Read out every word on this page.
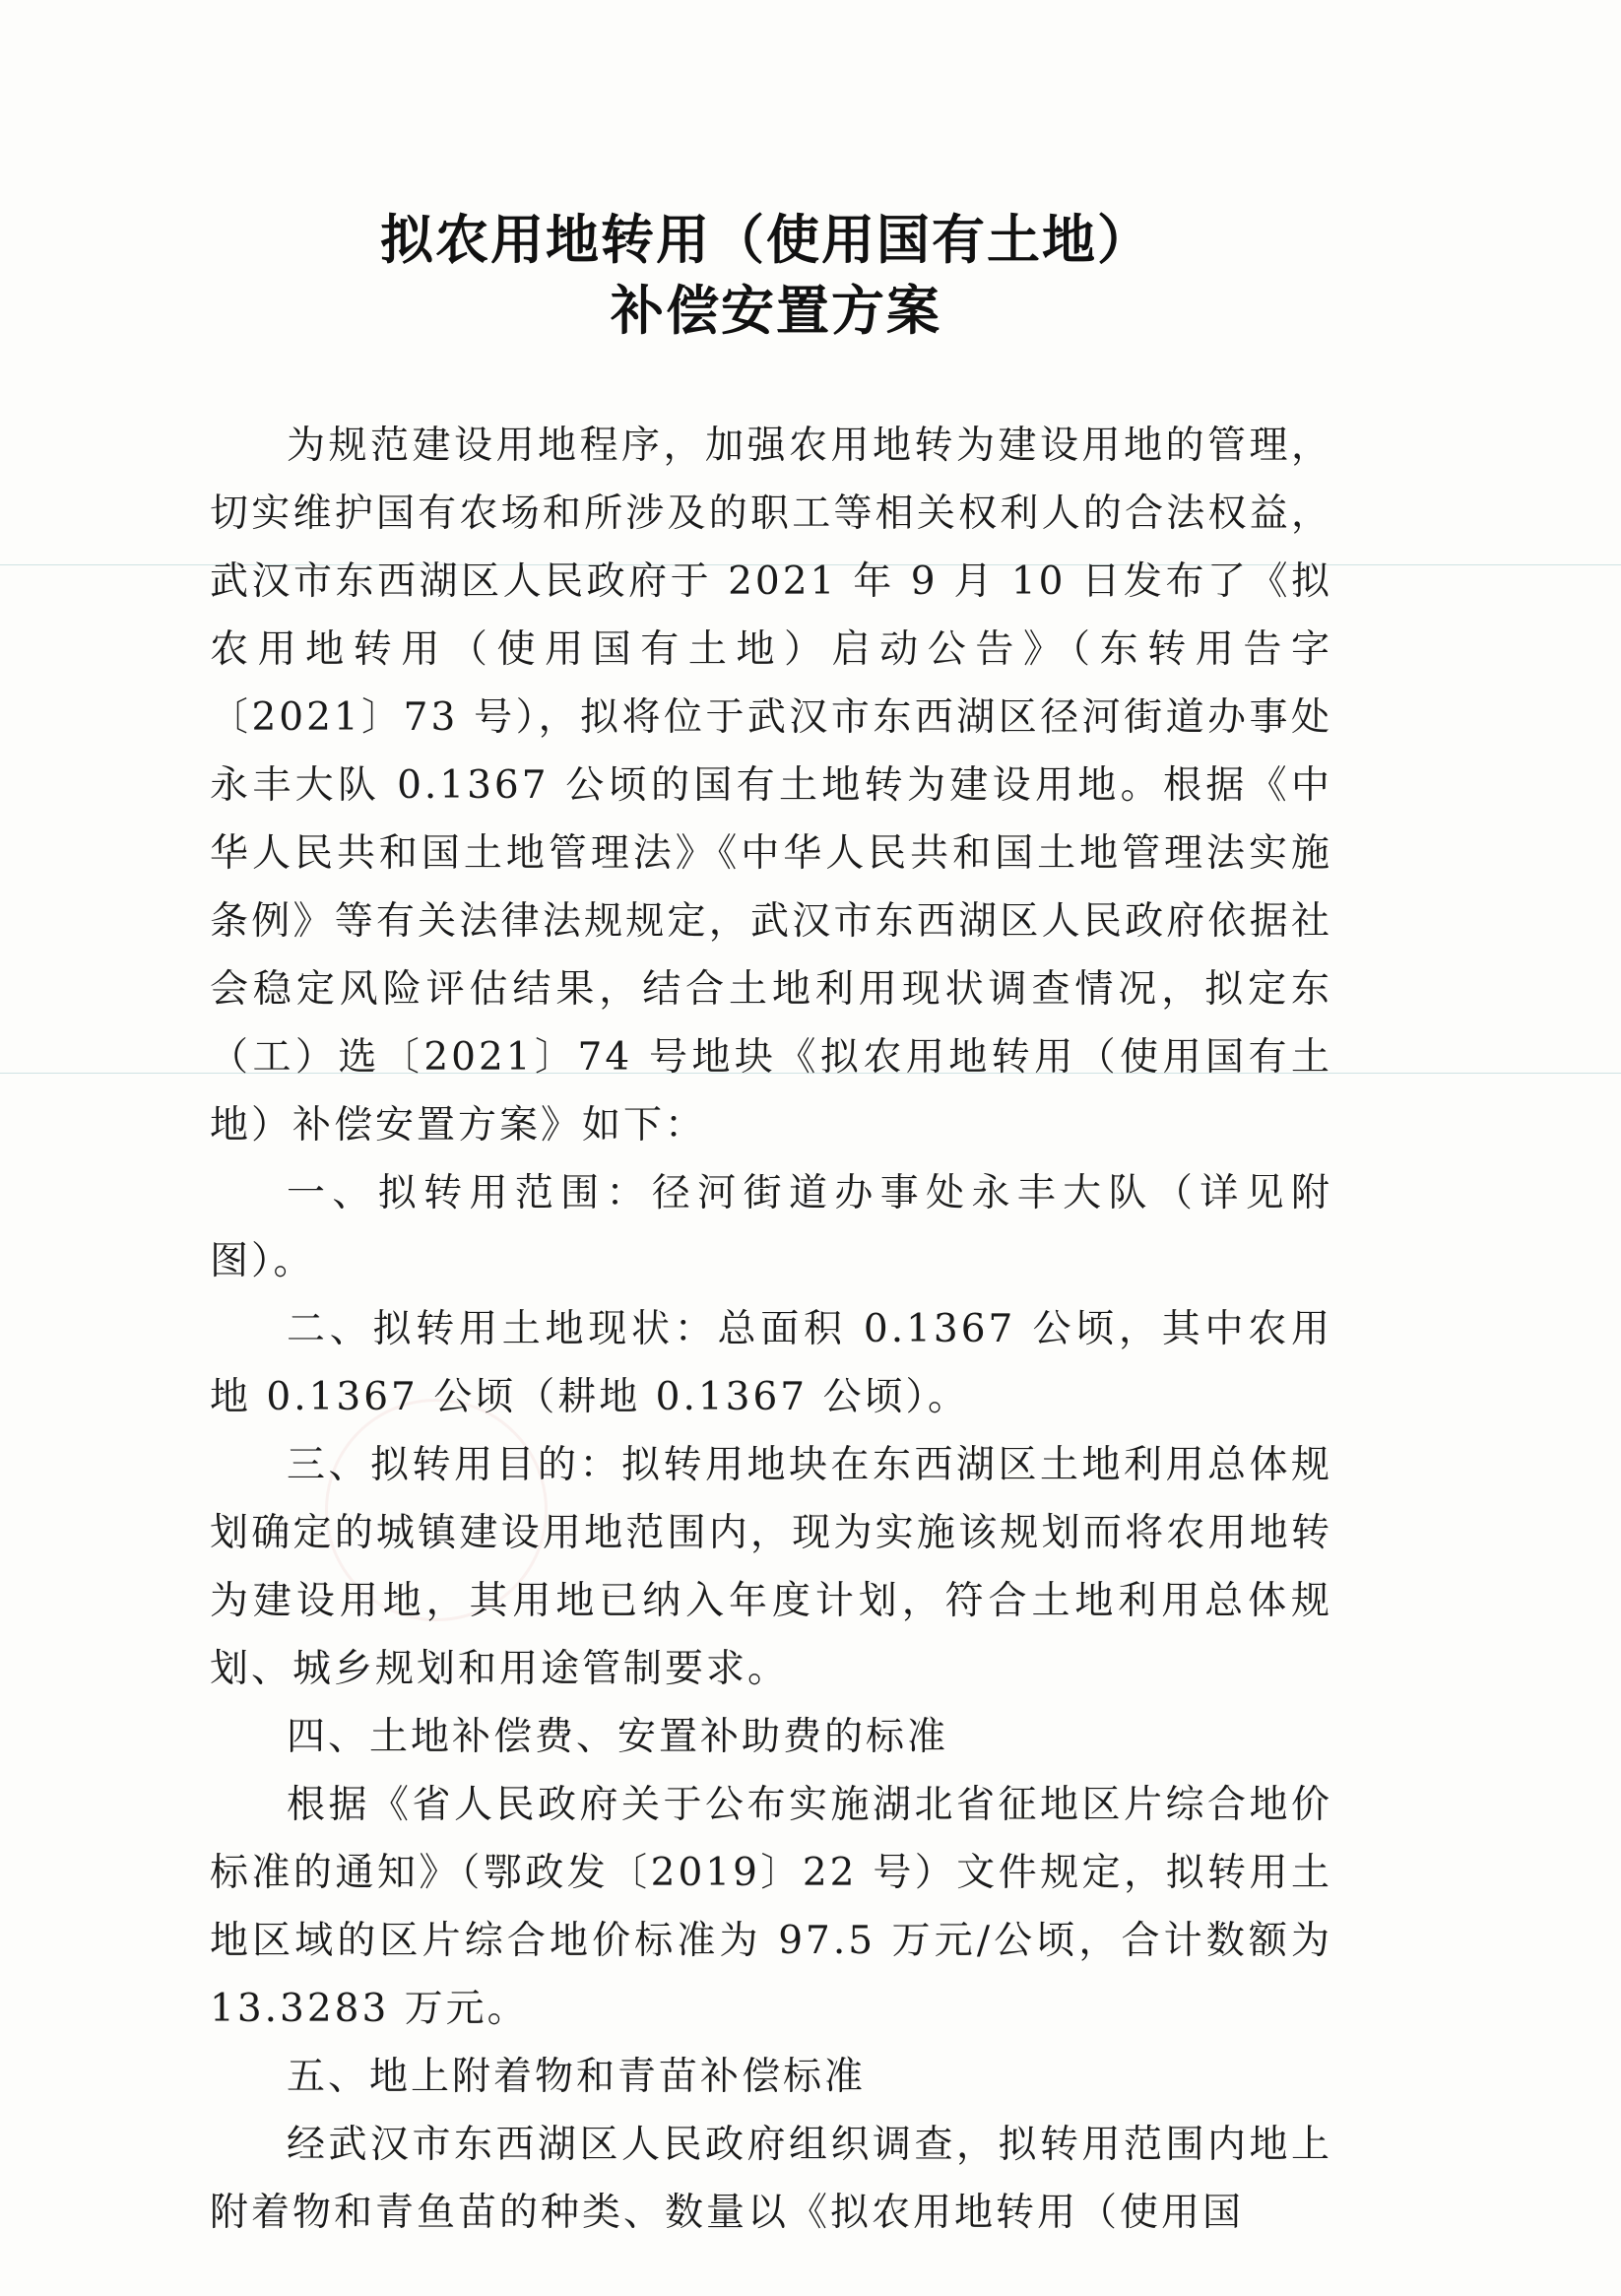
拟农用地转用（使用国有土地）
补偿安置方案

为规范建设用地程序，加强农用地转为建设用地的管理，切实维护国有农场和所涉及的职工等相关权利人的合法权益，武汉市东西湖区人民政府于 2021 年 9 月 10 日发布了《拟农用地转用（使用国有土地）启动公告》（东转用告字〔2021〕73 号），拟将位于武汉市东西湖区径河街道办事处永丰大队 0.1367 公顷的国有土地转为建设用地。根据《中华人民共和国土地管理法》《中华人民共和国土地管理法实施条例》等有关法律法规规定，武汉市东西湖区人民政府依据社会稳定风险评估结果，结合土地利用现状调查情况，拟定东（工）选〔2021〕74 号地块《拟农用地转用（使用国有土地）补偿安置方案》如下：

一、拟转用范围：径河街道办事处永丰大队（详见附图）。

二、拟转用土地现状：总面积 0.1367 公顷，其中农用地 0.1367 公顷（耕地 0.1367 公顷）。

三、拟转用目的：拟转用地块在东西湖区土地利用总体规划确定的城镇建设用地范围内，现为实施该规划而将农用地转为建设用地，其用地已纳入年度计划，符合土地利用总体规划、城乡规划和用途管制要求。

四、土地补偿费、安置补助费的标准

根据《省人民政府关于公布实施湖北省征地区片综合地价标准的通知》（鄂政发〔2019〕22 号）文件规定，拟转用土地区域的区片综合地价标准为 97.5 万元/公顷，合计数额为 13.3283 万元。

五、地上附着物和青苗补偿标准

经武汉市东西湖区人民政府组织调查，拟转用范围内地上附着物和青鱼苗的种类、数量以《拟农用地转用（使用国
